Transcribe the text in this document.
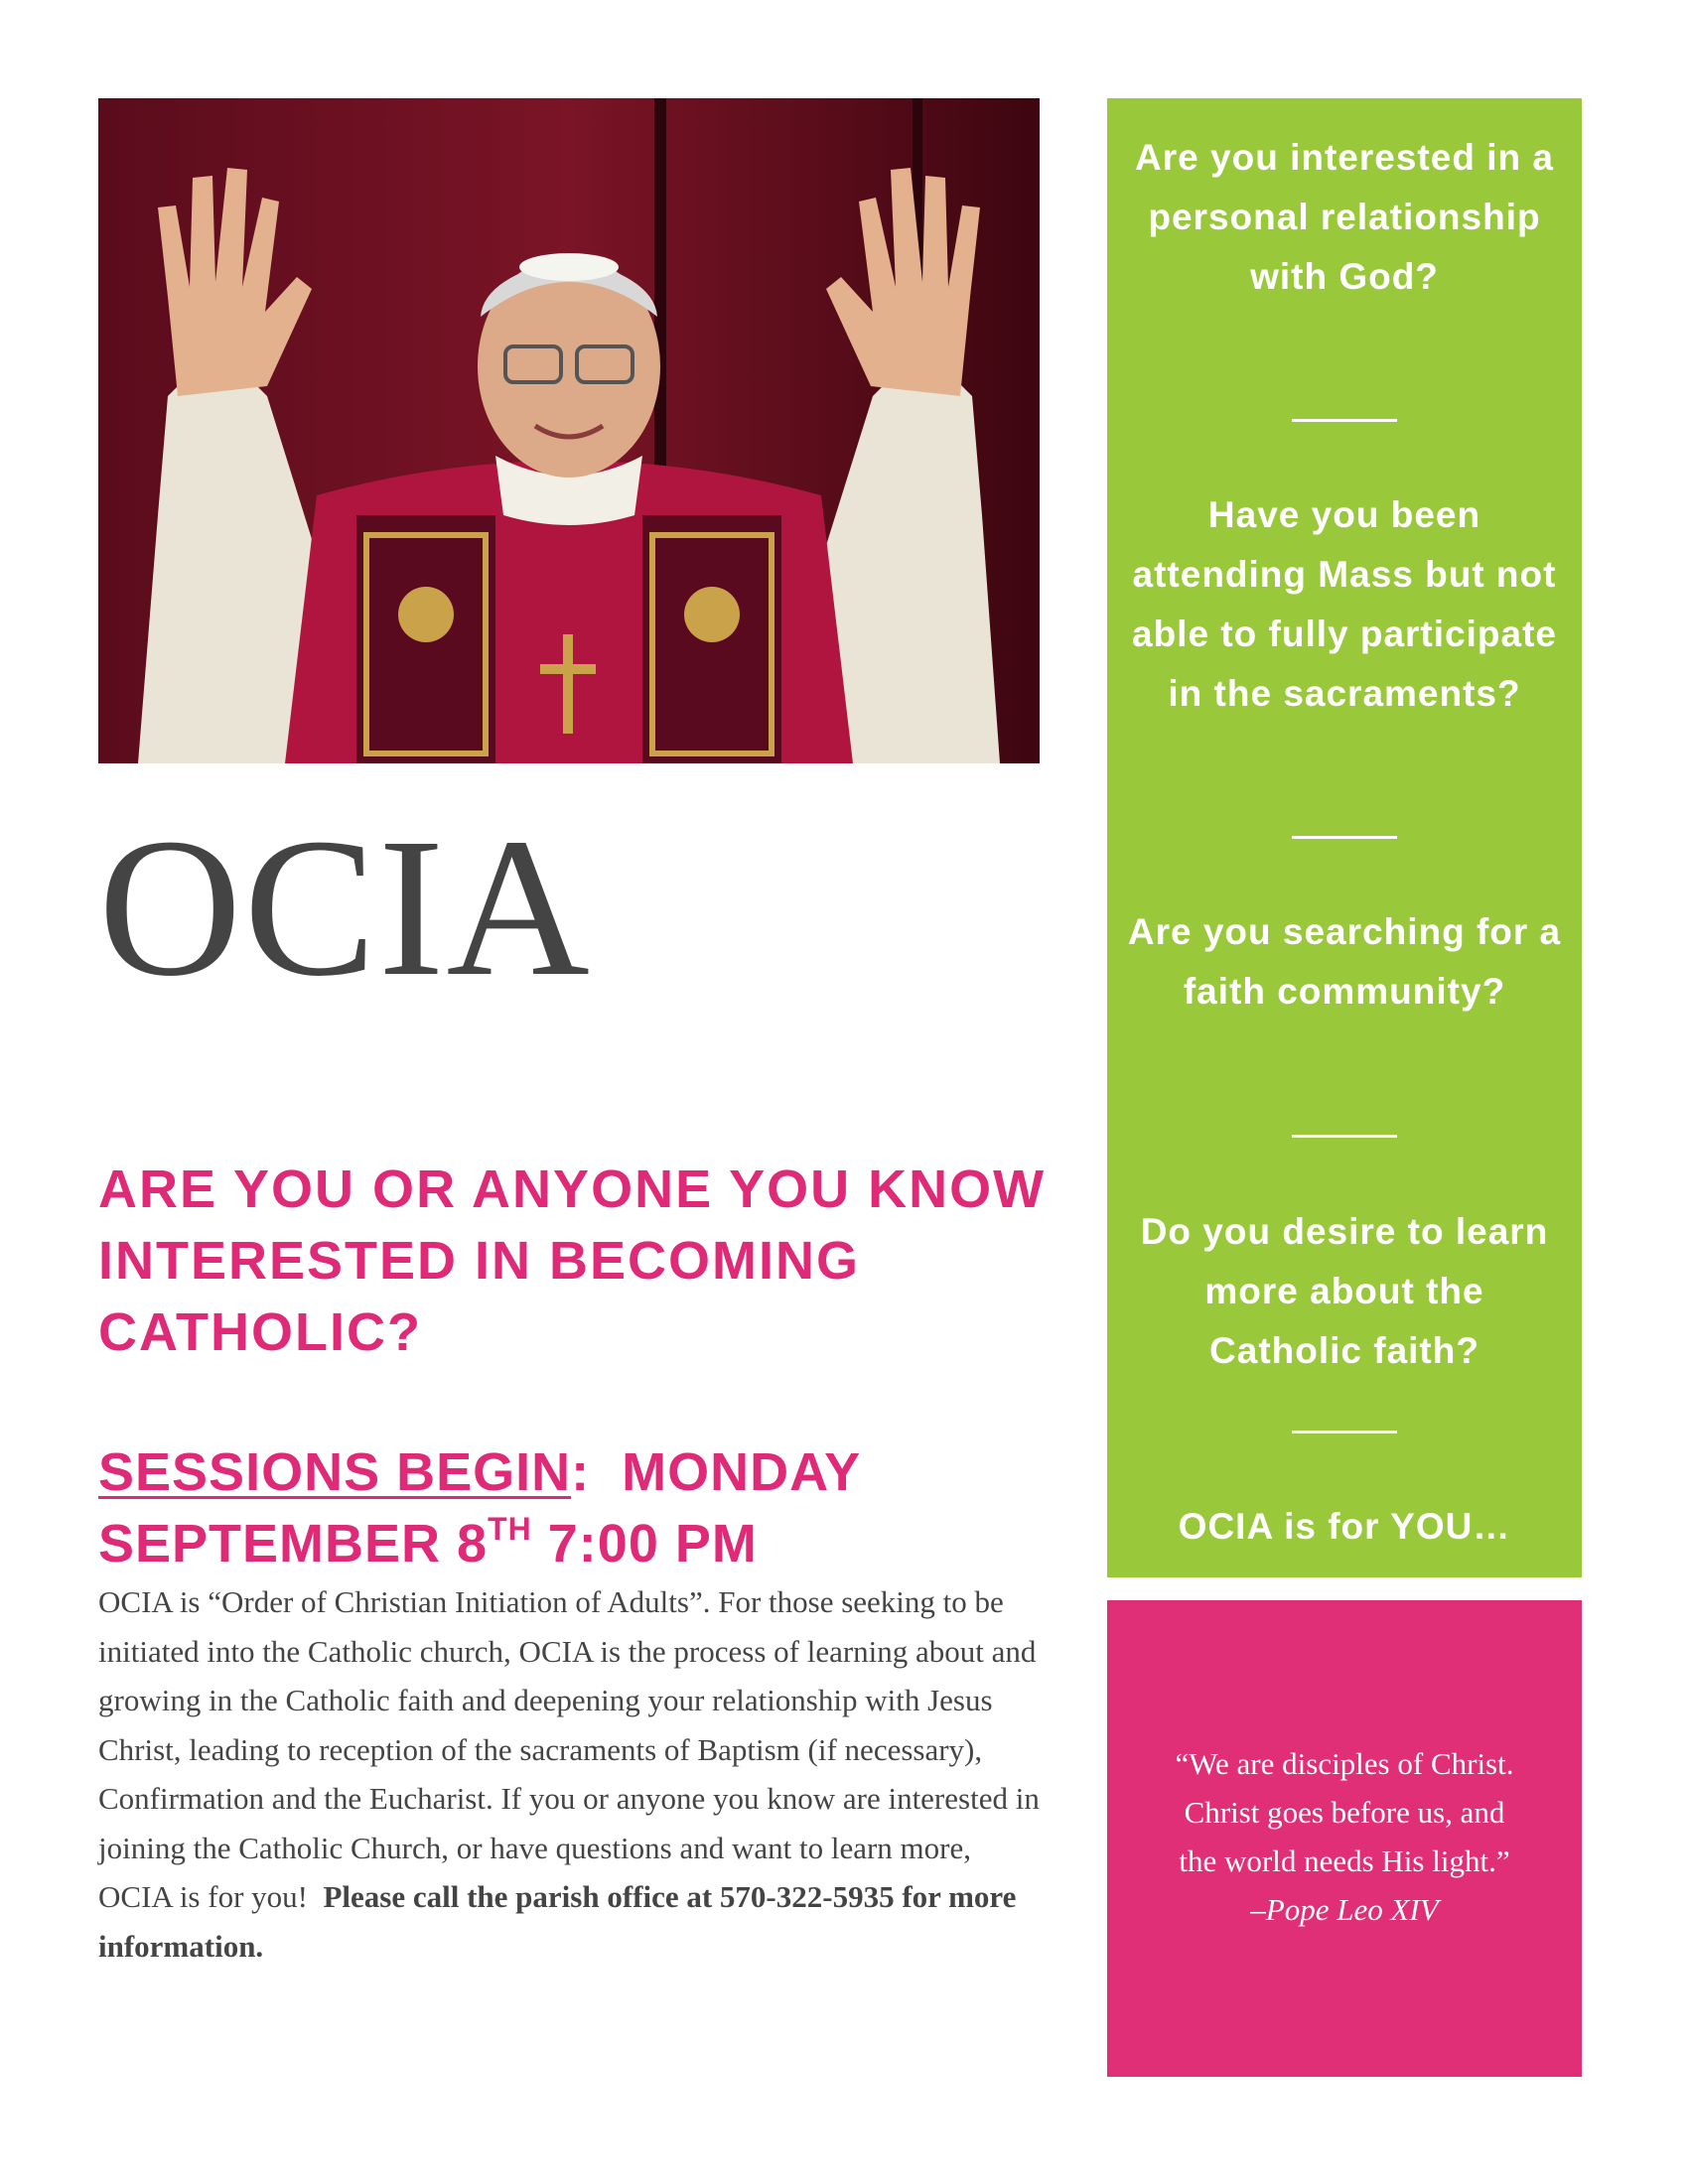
OCIA
ARE YOU OR ANYONE YOU KNOW INTERESTED IN BECOMING CATHOLIC?
SESSIONS BEGIN: MONDAY
SEPTEMBER 8TH 7:00 PM
OCIA is “Order of Christian Initiation of Adults”. For those seeking to be initiated into the Catholic church, OCIA is the process of learning about and growing in the Catholic faith and deepening your relationship with Jesus Christ, leading to reception of the sacraments of Baptism (if necessary), Confirmation and the Eucharist. If you or anyone you know are interested in joining the Catholic Church, or have questions and want to learn more, OCIA is for you! Please call the parish office at 570-322-5935 for more information.
Are you interested in a personal relationship with God?
Have you been attending Mass but not able to fully participate in the sacraments?
Are you searching for a faith community?
Do you desire to learn more about the Catholic faith?
OCIA is for YOU…
“We are disciples of Christ.
Christ goes before us, and
the world needs His light.”
–Pope Leo XIV
